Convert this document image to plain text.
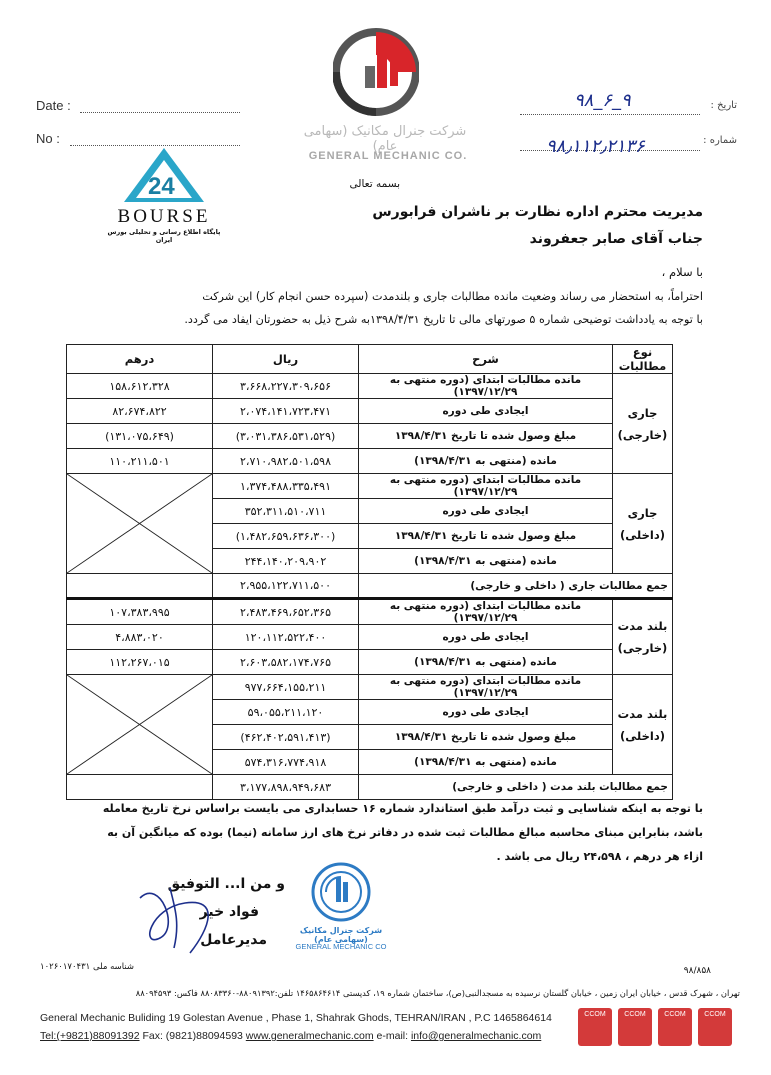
Date :
No :
تاریخ :
شماره :
۹۸_۶_۹
۹۸٫۱۱۲٫۲۱۳۶
شرکت جنرال مکانیک (سهامی عام)
GENERAL MECHANIC CO.
24
BOURSE
پایگاه اطلاع رسانی و تحلیلی بورس ایران
بسمه تعالی
مدیریت محترم اداره نظارت بر ناشران فرابورس
جناب آقای صابر جعفروند
با سلام ،
احتراماً، به استحضار می رساند وضعیت مانده مطالبات جاری و بلندمدت (سپرده حسن انجام کار) این شرکت
با توجه به یادداشت توضیحی شماره ۵ صورتهای مالی تا تاریخ ۱۳۹۸/۴/۳۱به شرح ذیل به حضورتان ایفاد می گردد.
نوع مطالبات	شرح	ریال	درهم
جاری
(خارجی)	مانده مطالبات ابتدای (دوره منتهی به ۱۳۹۷/۱۲/۲۹)	۳،۶۶۸،۲۲۷،۳۰۹،۶۵۶	۱۵۸،۶۱۲،۳۲۸
	ایجادی طی دوره	۲،۰۷۴،۱۴۱،۷۲۳،۴۷۱	۸۲،۶۷۴،۸۲۲
	مبلغ وصول شده تا تاریخ ۱۳۹۸/۴/۳۱	(۳،۰۳۱،۳۸۶،۵۳۱،۵۲۹)	(۱۳۱،۰۷۵،۶۴۹)
	مانده (منتهی به ۱۳۹۸/۴/۳۱)	۲،۷۱۰،۹۸۲،۵۰۱،۵۹۸	۱۱۰،۲۱۱،۵۰۱
جاری
(داخلی)	مانده مطالبات ابتدای (دوره منتهی به ۱۳۹۷/۱۲/۲۹)	۱،۳۷۴،۴۸۸،۳۳۵،۴۹۱	

	ایجادی طی دوره	۳۵۲،۳۱۱،۵۱۰،۷۱۱	
	مبلغ وصول شده تا تاریخ ۱۳۹۸/۴/۳۱	(۱،۴۸۲،۶۵۹،۶۳۶،۳۰۰)	
	مانده (منتهی به ۱۳۹۸/۴/۳۱)	۲۴۴،۱۴۰،۲۰۹،۹۰۲	
جمع مطالبات جاری ( داخلی و خارجی)		۲،۹۵۵،۱۲۲،۷۱۱،۵۰۰	
بلند مدت
(خارجی)	مانده مطالبات ابتدای (دوره منتهی به ۱۳۹۷/۱۲/۲۹)	۲،۴۸۳،۴۶۹،۶۵۲،۳۶۵	۱۰۷،۳۸۳،۹۹۵
	ایجادی طی دوره	۱۲۰،۱۱۲،۵۲۲،۴۰۰	۴،۸۸۳،۰۲۰
	مانده (منتهی به ۱۳۹۸/۴/۳۱)	۲،۶۰۳،۵۸۲،۱۷۴،۷۶۵	۱۱۲،۲۶۷،۰۱۵
بلند مدت
(داخلی)	مانده مطالبات ابتدای (دوره منتهی به ۱۳۹۷/۱۲/۲۹)	۹۷۷،۶۶۴،۱۵۵،۲۱۱	

	ایجادی طی دوره	۵۹،۰۵۵،۲۱۱،۱۲۰	
	مبلغ وصول شده تا تاریخ ۱۳۹۸/۴/۳۱	(۴۶۲،۴۰۲،۵۹۱،۴۱۳)	
	مانده (منتهی به ۱۳۹۸/۴/۳۱)	۵۷۴،۳۱۶،۷۷۴،۹۱۸	
جمع مطالبات بلند مدت ( داخلی و خارجی)		۳،۱۷۷،۸۹۸،۹۴۹،۶۸۳	
با توجه به اینکه شناسایی و ثبت درآمد طبق استاندارد شماره ۱۶ حسابداری می بایست براساس نرخ تاریخ معامله
باشد، بنابراین مبنای محاسبه مبالغ مطالبات ثبت شده در دفاتر نرخ های ارز سامانه (نیما) بوده که میانگین آن به
ازاء هر درهم ، ۲۴،۵۹۸ ریال می باشد .
و من ا... التوفیق
فواد خیر
مدیرعامل
شرکت جنرال مکانیک (سهامی عام)
GENERAL MECHANIC CO
شناسه ملی ۱۰۲۶۰۱۷۰۴۳۱	۹۸/۸۵۸
تهران ، شهرک قدس ، خیابان ایران زمین ، خیابان گلستان نرسیده به مسجدالنبی(ص)، ساختمان شماره ۱۹، کدپستی ۱۴۶۵۸۶۴۶۱۴ تلفن:۸۸۰۹۱۳۹۲-۸۸۰۸۳۳۶۰ فاکس: ۸۸۰۹۴۵۹۳
General Mechanic Buliding 19 Golestan Avenue , Phase 1, Shahrak Ghods, TEHRAN/IRAN , P.C 1465864614
Tel:(+9821)88091392 Fax: (9821)88094593 www.generalmechanic.com e-mail: info@generalmechanic.com
CCOM	CCOM	CCOM	CCOM
